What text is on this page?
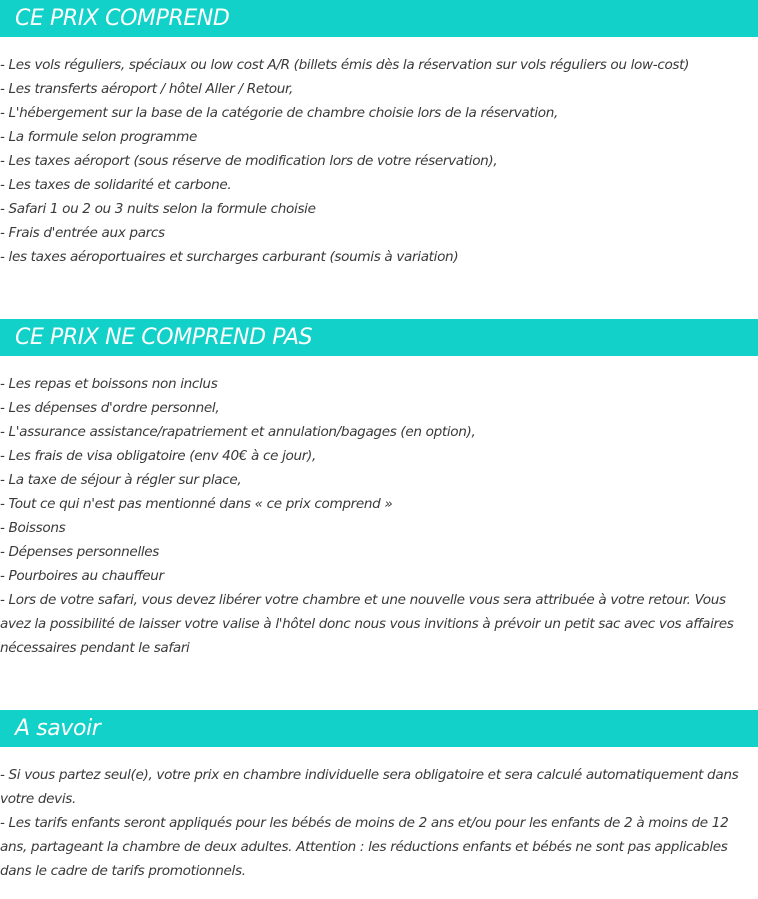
CE PRIX COMPREND
- Les vols réguliers, spéciaux ou low cost A/R (billets émis dès la réservation sur vols réguliers ou low-cost)
- Les transferts aéroport / hôtel Aller / Retour,
- L'hébergement sur la base de la catégorie de chambre choisie lors de la réservation,
- La formule selon programme
- Les taxes aéroport (sous réserve de modification lors de votre réservation),
- Les taxes de solidarité et carbone.
- Safari 1 ou 2 ou 3 nuits selon la formule choisie
- Frais d'entrée aux parcs
- les taxes aéroportuaires et surcharges carburant (soumis à variation)
CE PRIX NE COMPREND PAS
- Les repas et boissons non inclus
- Les dépenses d'ordre personnel,
- L'assurance assistance/rapatriement et annulation/bagages (en option),
- Les frais de visa obligatoire (env 40€ à ce jour),
- La taxe de séjour à régler sur place,
- Tout ce qui n'est pas mentionné dans « ce prix comprend »
- Boissons
- Dépenses personnelles
- Pourboires au chauffeur
- Lors de votre safari, vous devez libérer votre chambre et une nouvelle vous sera attribuée à votre retour. Vous avez la possibilité de laisser votre valise à l'hôtel donc nous vous invitions à prévoir un petit sac avec vos affaires nécessaires pendant le safari
A savoir
- Si vous partez seul(e), votre prix en chambre individuelle sera obligatoire et sera calculé automatiquement dans votre devis.
- Les tarifs enfants seront appliqués pour les bébés de moins de 2 ans et/ou pour les enfants de 2 à moins de 12 ans, partageant la chambre de deux adultes. Attention : les réductions enfants et bébés ne sont pas applicables dans le cadre de tarifs promotionnels.
